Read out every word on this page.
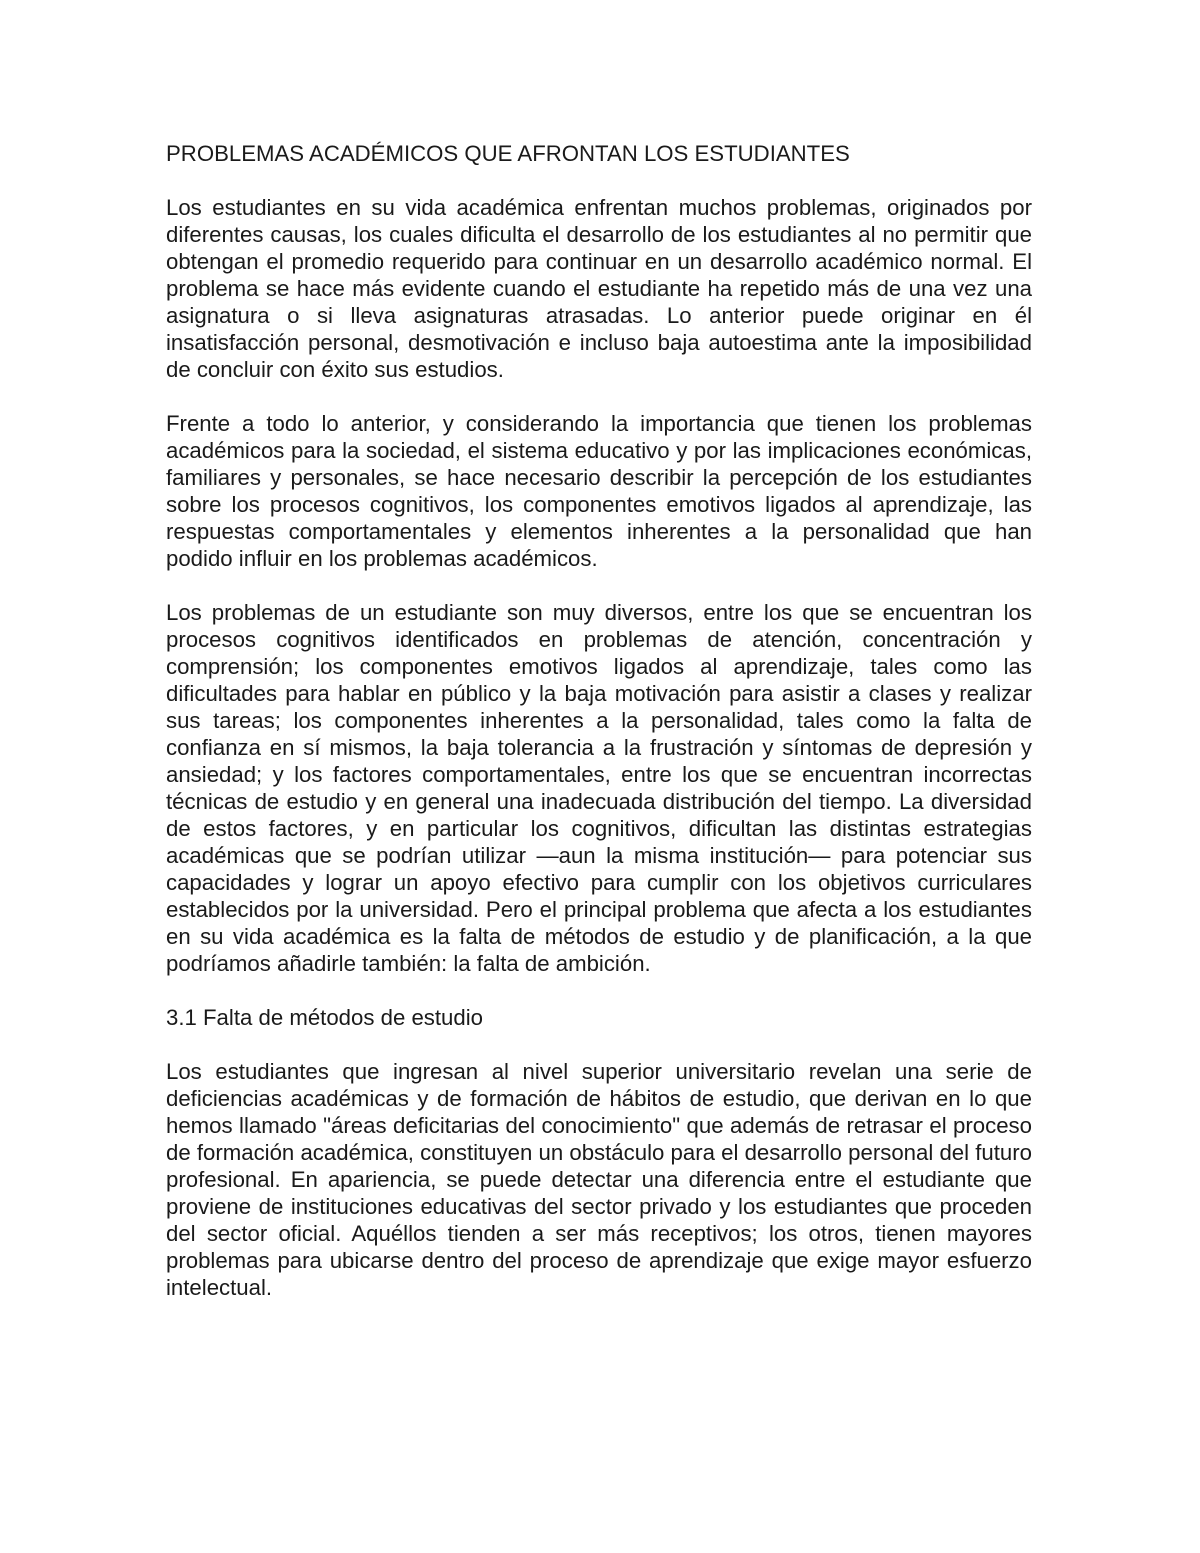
PROBLEMAS ACADÉMICOS QUE AFRONTAN LOS ESTUDIANTES

Los estudiantes en su vida académica enfrentan muchos problemas, originados por diferentes causas, los cuales dificulta el desarrollo de los estudiantes al no permitir que obtengan el promedio requerido para continuar en un desarrollo académico normal. El problema se hace más evidente cuando el estudiante ha repetido más de una vez una asignatura o si lleva asignaturas atrasadas. Lo anterior puede originar en él insatisfacción personal, desmotivación e incluso baja autoestima ante la imposibilidad de concluir con éxito sus estudios.

Frente a todo lo anterior, y considerando la importancia que tienen los problemas académicos para la sociedad, el sistema educativo y por las implicaciones económicas, familiares y personales, se hace necesario describir la percepción de los estudiantes sobre los procesos cognitivos, los componentes emotivos ligados al aprendizaje, las respuestas comportamentales y elementos inherentes a la personalidad que han podido influir en los problemas académicos.

Los problemas de un estudiante son muy diversos, entre los que se encuentran los procesos cognitivos identificados en problemas de atención, concentración y comprensión; los componentes emotivos ligados al aprendizaje, tales como las dificultades para hablar en público y la baja motivación para asistir a clases y realizar sus tareas; los componentes inherentes a la personalidad, tales como la falta de confianza en sí mismos, la baja tolerancia a la frustración y síntomas de depresión y ansiedad; y los factores comportamentales, entre los que se encuentran incorrectas técnicas de estudio y en general una inadecuada distribución del tiempo. La diversidad de estos factores, y en particular los cognitivos, dificultan las distintas estrategias académicas que se podrían utilizar —aun la misma institución— para potenciar sus capacidades y lograr un apoyo efectivo para cumplir con los objetivos curriculares establecidos por la universidad. Pero el principal problema que afecta a los estudiantes en su vida académica es la falta de métodos de estudio y de planificación, a la que podríamos añadirle también: la falta de ambición.

3.1 Falta de métodos de estudio

Los estudiantes que ingresan al nivel superior universitario revelan una serie de deficiencias académicas y de formación de hábitos de estudio, que derivan en lo que hemos llamado "áreas deficitarias del conocimiento" que además de retrasar el proceso de formación académica, constituyen un obstáculo para el desarrollo personal del futuro profesional. En apariencia, se puede detectar una diferencia entre el estudiante que proviene de instituciones educativas del sector privado y los estudiantes que proceden del sector oficial. Aquéllos tienden a ser más receptivos; los otros, tienen mayores problemas para ubicarse dentro del proceso de aprendizaje que exige mayor esfuerzo intelectual.
